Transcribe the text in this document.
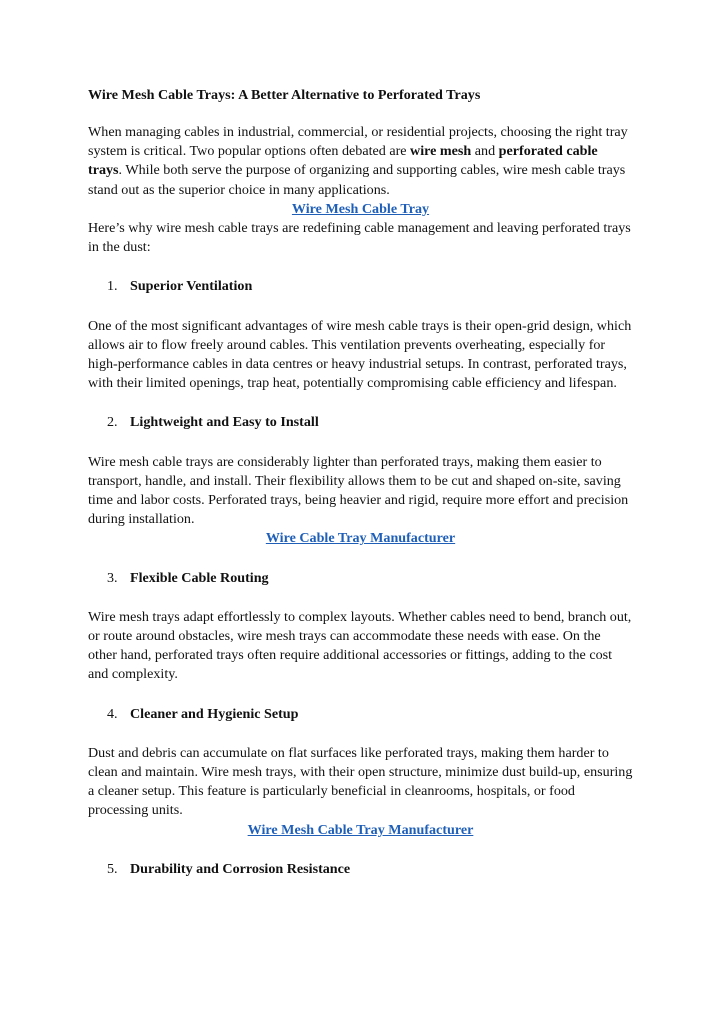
Wire Mesh Cable Trays: A Better Alternative to Perforated Trays

When managing cables in industrial, commercial, or residential projects, choosing the right tray system is critical. Two popular options often debated are wire mesh and perforated cable trays. While both serve the purpose of organizing and supporting cables, wire mesh cable trays stand out as the superior choice in many applications.

Wire Mesh Cable Tray

Here’s why wire mesh cable trays are redefining cable management and leaving perforated trays in the dust:

1. Superior Ventilation

One of the most significant advantages of wire mesh cable trays is their open-grid design, which allows air to flow freely around cables. This ventilation prevents overheating, especially for high-performance cables in data centres or heavy industrial setups. In contrast, perforated trays, with their limited openings, trap heat, potentially compromising cable efficiency and lifespan.

2. Lightweight and Easy to Install

Wire mesh cable trays are considerably lighter than perforated trays, making them easier to transport, handle, and install. Their flexibility allows them to be cut and shaped on-site, saving time and labor costs. Perforated trays, being heavier and rigid, require more effort and precision during installation.

Wire Cable Tray Manufacturer

3. Flexible Cable Routing

Wire mesh trays adapt effortlessly to complex layouts. Whether cables need to bend, branch out, or route around obstacles, wire mesh trays can accommodate these needs with ease. On the other hand, perforated trays often require additional accessories or fittings, adding to the cost and complexity.

4. Cleaner and Hygienic Setup

Dust and debris can accumulate on flat surfaces like perforated trays, making them harder to clean and maintain. Wire mesh trays, with their open structure, minimize dust build-up, ensuring a cleaner setup. This feature is particularly beneficial in cleanrooms, hospitals, or food processing units.

Wire Mesh Cable Tray Manufacturer

5. Durability and Corrosion Resistance
